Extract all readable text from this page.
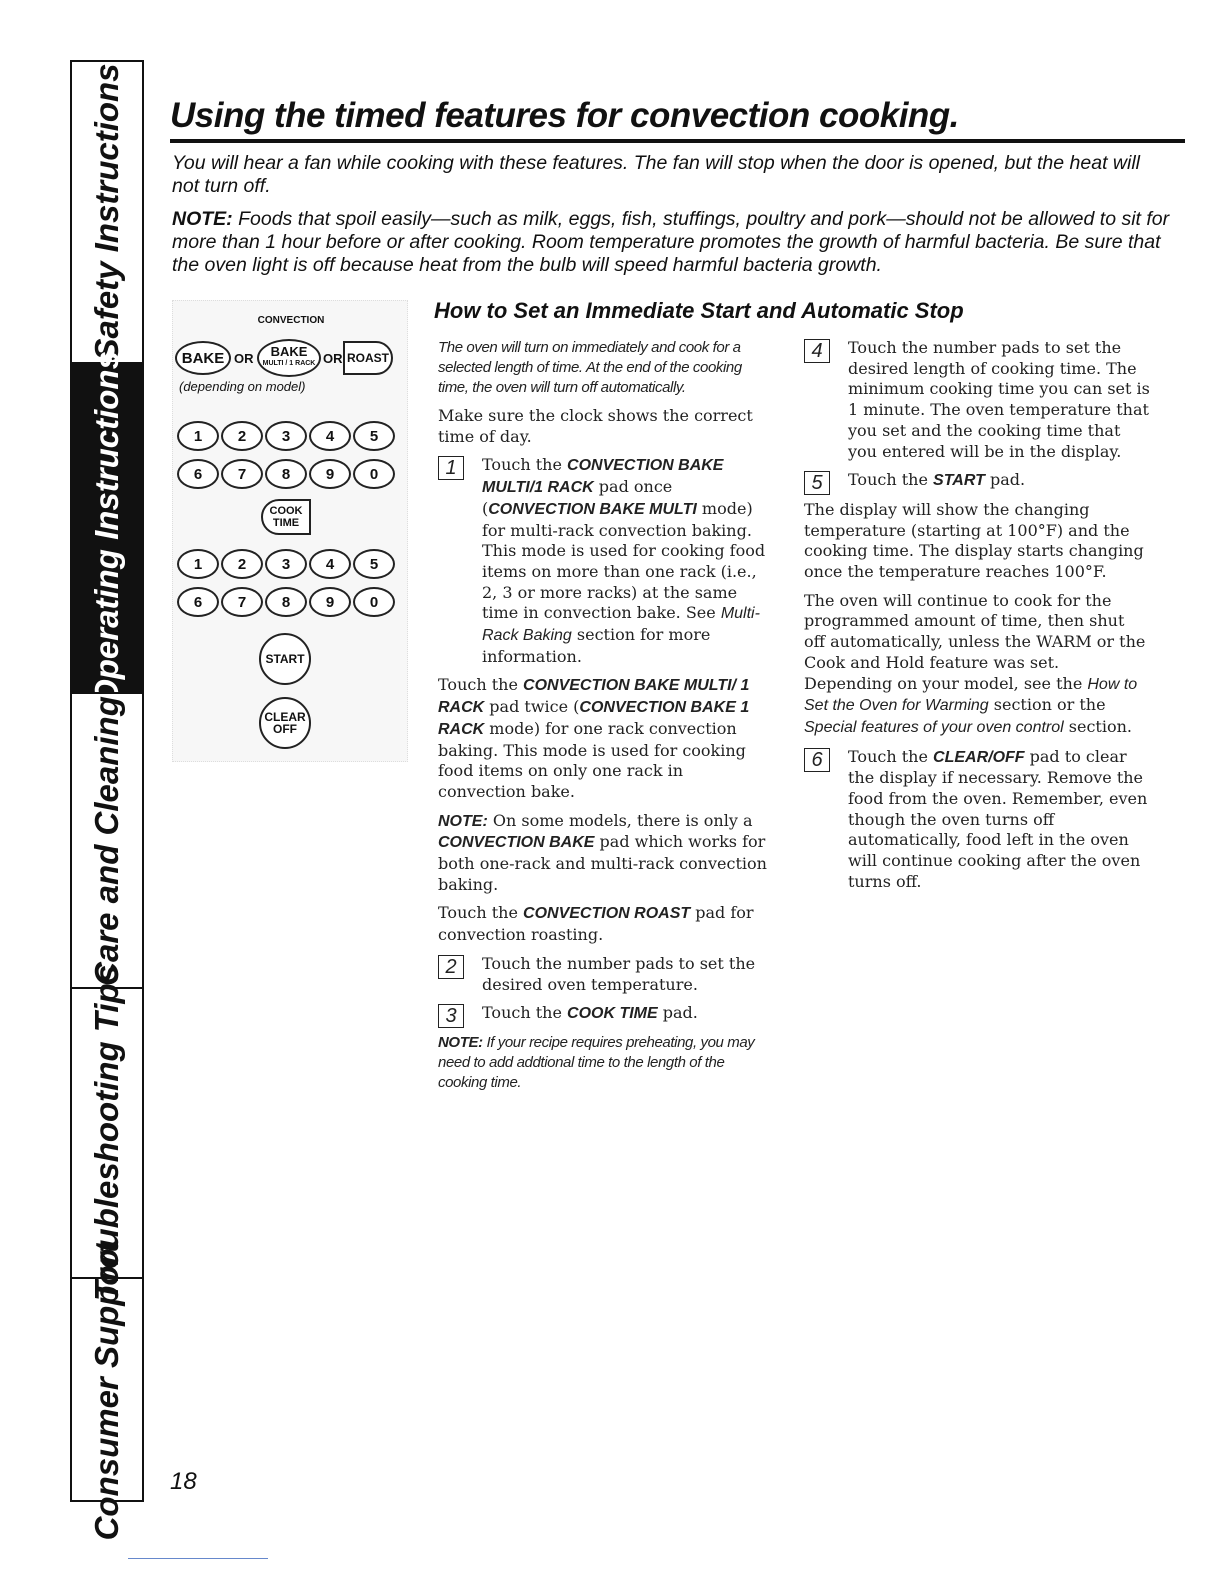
Safety Instructions
Operating Instructions
Care and Cleaning
Troubleshooting Tips
Consumer Support
Using the timed features for convection cooking.

You will hear a fan while cooking with these features. The fan will stop when the door is opened, but the heat will not turn off.

NOTE: Foods that spoil easily—such as milk, eggs, fish, stuffings, poultry and pork—should not be allowed to sit for more than 1 hour before or after cooking. Room temperature promotes the growth of harmful bacteria. Be sure that the oven light is off because heat from the bulb will speed harmful bacteria growth.

CONVECTION
BAKE OR BAKE
MULTI / 1 RACK OR ROAST
(depending on model)
1	2	3	4	5
6	7	8	9	0
COOK TIME
1	2	3	4	5
6	7	8	9	0
START
CLEAR OFF
How to Set an Immediate Start and Automatic Stop

The oven will turn on immediately and cook for a selected length of time. At the end of the cooking time, the oven will turn off automatically.

Make sure the clock shows the correct time of day.

1	Touch the CONVECTION BAKE MULTI/1 RACK pad once (CONVECTION BAKE MULTI mode) for multi-rack convection baking. This mode is used for cooking food items on more than one rack (i.e., 2, 3 or more racks) at the same time in convection bake. See Multi-Rack Baking section for more information.

Touch the CONVECTION BAKE MULTI/ 1 RACK pad twice (CONVECTION BAKE 1 RACK mode) for one rack convection baking. This mode is used for cooking food items on only one rack in convection bake.

NOTE: On some models, there is only a CONVECTION BAKE pad which works for both one-rack and multi-rack convection baking.

Touch the CONVECTION ROAST pad for convection roasting.

2	Touch the number pads to set the desired oven temperature.
3	Touch the COOK TIME pad.

NOTE: If your recipe requires preheating, you may need to add addtional time to the length of the cooking time.

4	Touch the number pads to set the desired length of cooking time. The minimum cooking time you can set is 1 minute. The oven temperature that you set and the cooking time that you entered will be in the display.
5	Touch the START pad.

The display will show the changing temperature (starting at 100°F) and the cooking time. The display starts changing once the temperature reaches 100°F.

The oven will continue to cook for the programmed amount of time, then shut off automatically, unless the WARM or the Cook and Hold feature was set. Depending on your model, see the How to Set the Oven for Warming section or the Special features of your oven control section.

6	Touch the CLEAR/OFF pad to clear the display if necessary. Remove the food from the oven. Remember, even though the oven turns off automatically, food left in the oven will continue cooking after the oven turns off.
18
